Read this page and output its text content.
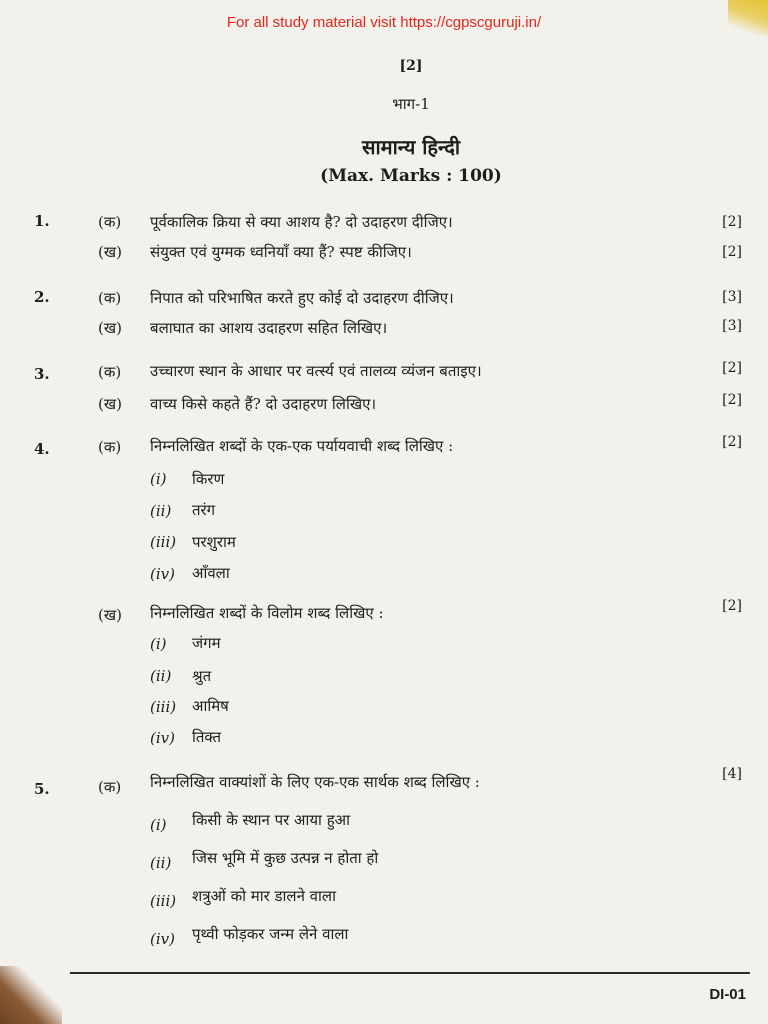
For all study material visit https://cgpscguruji.in/
[2]
भाग-1
सामान्य हिन्दी
(Max. Marks : 100)
1.	(क) पूर्वकालिक क्रिया से क्या आशय है? दो उदाहरण दीजिए।	[2]
(ख) संयुक्त एवं युग्मक ध्वनियाँ क्या हैं? स्पष्ट कीजिए।	[2]
2.	(क) निपात को परिभाषित करते हुए कोई दो उदाहरण दीजिए।	[3]
(ख) बलाघात का आशय उदाहरण सहित लिखिए।	[3]
3.	(क) उच्चारण स्थान के आधार पर वर्त्स्य एवं तालव्य व्यंजन बताइए।	[2]
(ख) वाच्य किसे कहते हैं? दो उदाहरण लिखिए।	[2]
4.	(क) निम्नलिखित शब्दों के एक-एक पर्यायवाची शब्द लिखिए :	[2]
(i) किरण
(ii) तरंग
(iii) परशुराम
(iv) आँवला
(ख) निम्नलिखित शब्दों के विलोम शब्द लिखिए :	[2]
(i) जंगम
(ii) श्रुत
(iii) आमिष
(iv) तिक्त
5.	(क) निम्नलिखित वाक्यांशों के लिए एक-एक सार्थक शब्द लिखिए :	[4]
(i) किसी के स्थान पर आया हुआ
(ii) जिस भूमि में कुछ उत्पन्न न होता हो
(iii) शत्रुओं को मार डालने वाला
(iv) पृथ्वी फोड़कर जन्म लेने वाला
DI-01
